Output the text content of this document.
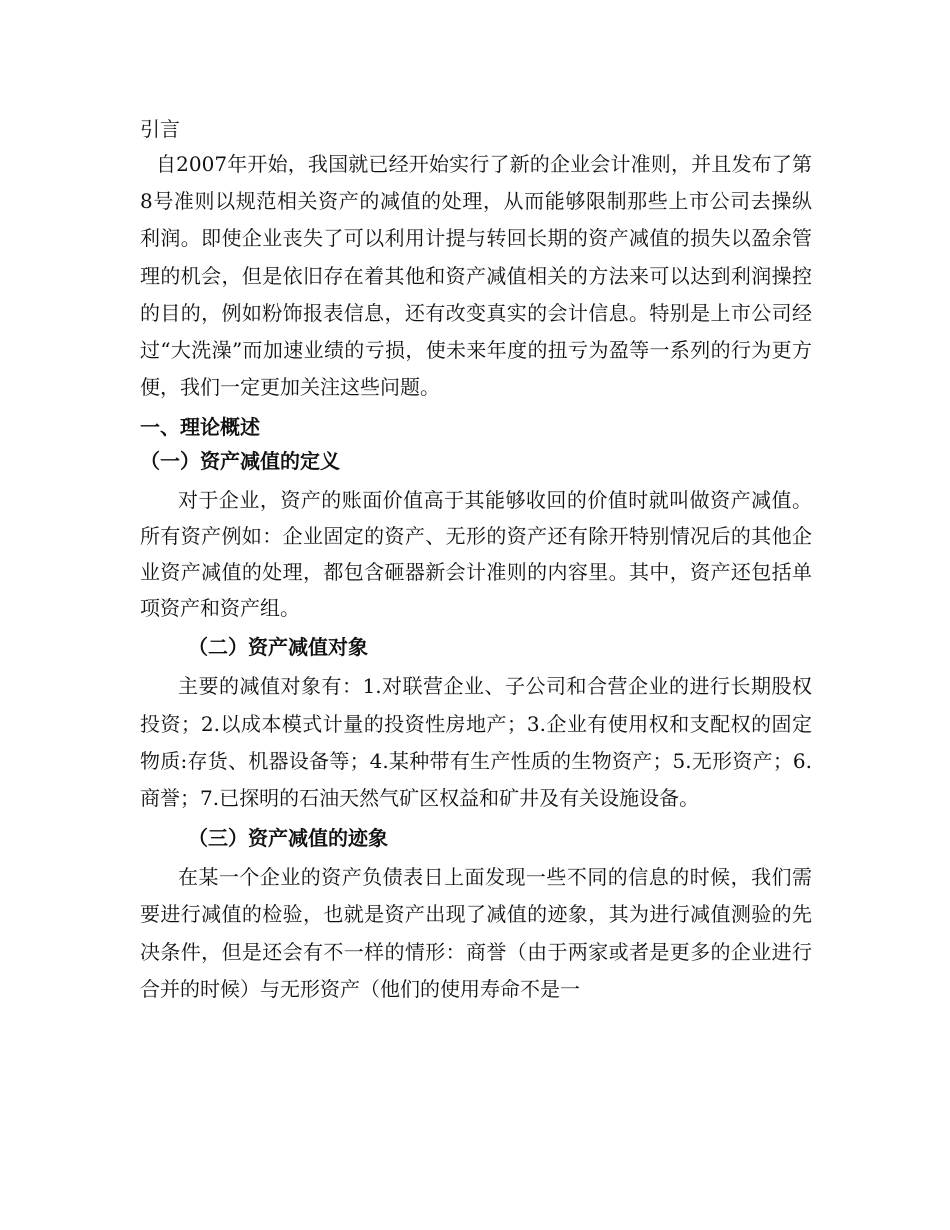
引言

自2007年开始，我国就已经开始实行了新的企业会计准则，并且发布了第8号准则以规范相关资产的减值的处理，从而能够限制那些上市公司去操纵利润。即使企业丧失了可以利用计提与转回长期的资产减值的损失以盈余管理的机会，但是依旧存在着其他和资产减值相关的方法来可以达到利润操控的目的，例如粉饰报表信息，还有改变真实的会计信息。特别是上市公司经过“大洗澡”而加速业绩的亏损，使未来年度的扭亏为盈等一系列的行为更方便，我们一定更加关注这些问题。

一、理论概述
（一）资产减值的定义

对于企业，资产的账面价值高于其能够收回的价值时就叫做资产减值。所有资产例如：企业固定的资产、无形的资产还有除开特别情况后的其他企业资产减值的处理，都包含砸器新会计准则的内容里。其中，资产还包括单项资产和资产组。

（二）资产减值对象

主要的减值对象有：1.对联营企业、子公司和合营企业的进行长期股权投资；2.以成本模式计量的投资性房地产；3.企业有使用权和支配权的固定物质:存货、机器设备等；4.某种带有生产性质的生物资产；5.无形资产；6.商誉；7.已探明的石油天然气矿区权益和矿井及有关设施设备。

（三）资产减值的迹象

在某一个企业的资产负债表日上面发现一些不同的信息的时候，我们需要进行减值的检验，也就是资产出现了减值的迹象，其为进行减值测验的先决条件，但是还会有不一样的情形：商誉（由于两家或者是更多的企业进行合并的时候）与无形资产（他们的使用寿命不是一
